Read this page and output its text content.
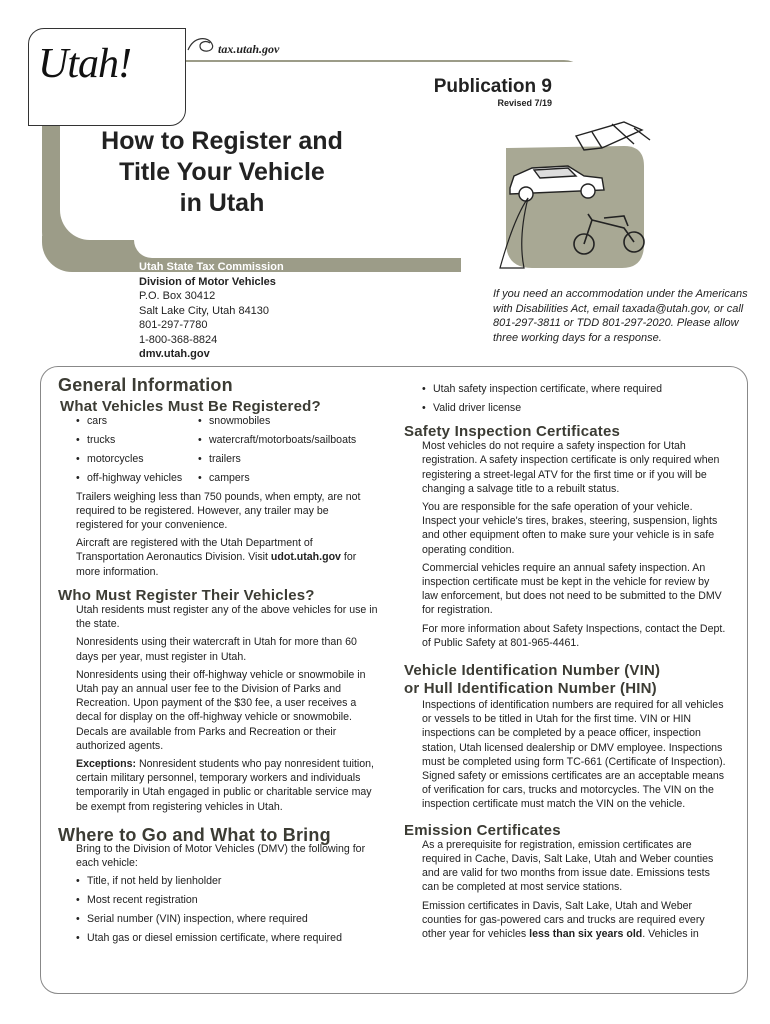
Utah!	tax.utah.gov
Publication 9
Revised 7/19
How to Register and
Title Your Vehicle
in Utah
Utah State Tax Commission
Division of Motor Vehicles
P.O. Box 30412
Salt Lake City, Utah 84130
801-297-7780
1-800-368-8824
dmv.utah.gov
If you need an accommodation under the Americans with Disabilities Act, email taxada@utah.gov, or call 801-297-3811 or TDD 801-297-2020. Please allow three working days for a response.
General Information
What Vehicles Must Be Registered?
• cars
• trucks
• motorcycles
• off-highway vehicles
• snowmobiles
• watercraft/motorboats/sailboats
• trailers
• campers

Trailers weighing less than 750 pounds, when empty, are not required to be registered. However, any trailer may be registered for your convenience.

Aircraft are registered with the Utah Department of Transportation Aeronautics Division. Visit udot.utah.gov for more information.

Who Must Register Their Vehicles?

Utah residents must register any of the above vehicles for use in the state.

Nonresidents using their watercraft in Utah for more than 60 days per year, must register in Utah.

Nonresidents using their off-highway vehicle or snowmobile in Utah pay an annual user fee to the Division of Parks and Recreation. Upon payment of the $30 fee, a user receives a decal for display on the off-highway vehicle or snowmobile. Decals are available from Parks and Recreation or their authorized agents.

Exceptions: Nonresident students who pay nonresident tuition, certain military personnel, temporary workers and individuals temporarily in Utah engaged in public or charitable service may be exempt from registering vehicles in Utah.

Where to Go and What to Bring

Bring to the Division of Motor Vehicles (DMV) the following for each vehicle:

• Title, if not held by lienholder
• Most recent registration
• Serial number (VIN) inspection, where required
• Utah gas or diesel emission certificate, where required
• Utah safety inspection certificate, where required
• Valid driver license
Safety Inspection Certificates

Most vehicles do not require a safety inspection for Utah registration. A safety inspection certificate is only required when registering a street-legal ATV for the first time or if you will be changing a salvage title to a rebuilt status.

You are responsible for the safe operation of your vehicle. Inspect your vehicle's tires, brakes, steering, suspension, lights and other equipment often to make sure your vehicle is in safe operating condition.

Commercial vehicles require an annual safety inspection. An inspection certificate must be kept in the vehicle for review by law enforcement, but does not need to be submitted to the DMV for registration.

For more information about Safety Inspections, contact the Dept. of Public Safety at 801-965-4461.

Vehicle Identification Number (VIN)
or Hull Identification Number (HIN)

Inspections of identification numbers are required for all vehicles or vessels to be titled in Utah for the first time. VIN or HIN inspections can be completed by a peace officer, inspection station, Utah licensed dealership or DMV employee. Inspections must be completed using form TC-661 (Certificate of Inspection). Signed safety or emissions certificates are an acceptable means of verification for cars, trucks and motorcycles. The VIN on the inspection certificate must match the VIN on the vehicle.

Emission Certificates

As a prerequisite for registration, emission certificates are required in Cache, Davis, Salt Lake, Utah and Weber counties and are valid for two months from issue date. Emissions tests can be completed at most service stations.

Emission certificates in Davis, Salt Lake, Utah and Weber counties for gas-powered cars and trucks are required every other year for vehicles less than six years old. Vehicles in
